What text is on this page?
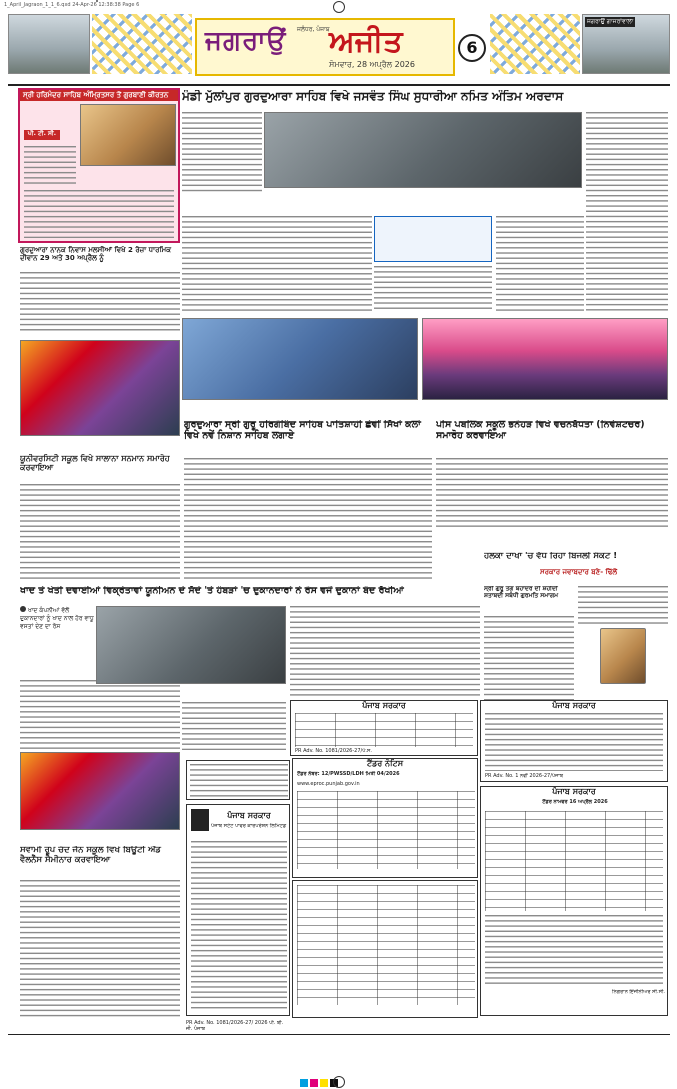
1_April_Jagraon_1_1_6.qxd 24-Apr-26 12:38:38 Page 6
ਜਗਰਾਉਂ ਜਲੰਧਰ, ਪੰਜਾਬ ਅਜੀਤ
ਸੋਮਵਾਰ, 28 ਅਪ੍ਰੈਲ 2026
6
ਜਗਰਾਉਂ ਗਾਜਰਾਂਵਾਲਾ
ਸ੍ਰੀ ਹਰਿਮੰਦਰ ਸਾਹਿਬ ਅੰਮ੍ਰਿਤਸਰ ਤੋਂ ਗੁਰਬਾਣੀ ਕੀਰਤਨ
ਪੀ. ਟੀ. ਸੀ.
ਗੁਰਦੁਆਰਾ ਨਾਨਕ ਨਿਵਾਸ ਮਲਸੀਆਂ ਵਿਖੇ 2 ਰੋਜ਼ਾ ਧਾਰਮਿਕ ਦੀਵਾਨ 29 ਅਤੇ 30 ਅਪ੍ਰੈਲ ਨੂੰ
ਮੰਡੀ ਮੁੱਲਾਂਪੁਰ ਗੁਰਦੁਆਰਾ ਸਾਹਿਬ ਵਿਖੇ ਜਸਵੰਤ ਸਿੰਘ ਸੁਧਾਰੀਆ ਨਮਿਤ ਅੰਤਿਮ ਅਰਦਾਸ
ਯੂਨੀਵਰਸਿਟੀ ਸਕੂਲ ਵਿਖੇ ਸਾਲਾਨਾ ਸਨਮਾਨ ਸਮਾਰੋਹ ਕਰਵਾਇਆ
ਗੁਰਦੁਆਰਾ ਸ੍ਰੀ ਗੁਰੂ ਹਰਿਗੋਬਿੰਦ ਸਾਹਿਬ ਪਾਤਿਸ਼ਾਹੀ ਛੇਵੀਂ ਸਿੱਖਾਂ ਕਲਾਂ ਵਿਖੇ ਨਵੇਂ ਨਿਸ਼ਾਨ ਸਾਹਿਬ ਲਗਾਏ
ਪੀਸ ਪਬਲਿਕ ਸਕੂਲ ਭਨੋਹੜ ਵਿਖੇ ਵਚਨਬੱਧਤਾ (ਨਿਵੇਸ਼ਟਚਰ) ਸਮਾਰੋਹ ਕਰਵਾਇਆ
ਹਲਕਾ ਦਾਖਾ 'ਚ ਵੱਧ ਰਿਹਾ ਬਿਜਲੀ ਸੰਕਟ !
ਸਰਕਾਰ ਜਵਾਬਦਾਰ ਬਣੇ- ਢਿੱਲੋਂ
ਖਾਦ ਤੇ ਖੇਤੀ ਦਵਾਈਆਂ ਵਿਕ੍ਰੇਤਾਵਾਂ ਯੂਨੀਅਨ ਦੇ ਸੱਦੇ 'ਤੇ ਹੰਬੜਾਂ 'ਚ ਦੁਕਾਨਦਾਰਾਂ ਨੇ ਰੋਸ ਵਜੋਂ ਦੁਕਾਨਾਂ ਬੰਦ ਰੱਖੀਆਂ
ਖਾਦ ਕੰਪਨੀਆਂ ਵੱਲੋਂ ਦੁਕਾਨਦਾਰਾਂ ਨੂੰ ਖਾਦ ਨਾਲ ਹੋਰ ਵਾਧੂ ਵਸਤਾਂ ਦੇਣ ਦਾ ਰੋਸ
ਸ੍ਰੀ ਗੁਰੂ ਤੇਗ ਬਹਾਦਰ ਦੀ ਸ਼ਹੀਦੀ ਸ਼ਤਾਬਦੀ ਸਬੰਧੀ ਗੁਰਮਤਿ ਸਮਾਗਮ
ਪੰਜਾਬ ਸਰਕਾਰ
PR Adv. No. 1081/2026-27/ਪੰ.ਸ.
ਪੰਜਾਬ ਸਰਕਾਰ
PR Adv. No. 1 ਨਵੀਂ 2026-27/ਪੰਜਾਬ
ਸਵਾਮੀ ਰੂਪ ਚੰਦ ਜੈਨ ਸਕੂਲ ਵਿਖੇ ਬਿਊਟੀ ਐਂਡ ਵੈਲਨੈੱਸ ਸੈਮੀਨਾਰ ਕਰਵਾਇਆ
ਟੈਂਡਰ ਨੋਟਿਸ
ਟੈਂਡਰ ਨੰਬਰ: 12/PWSSD/LDH ਮਿਤੀ 04/2026
www.eproc.punjab.gov.in
ਪੰਜਾਬ ਸਰਕਾਰ
ਪੰਜਾਬ ਸਟੇਟ ਪਾਵਰ ਕਾਰਪੋਰੇਸ਼ਨ ਲਿਮਿਟਡ
ਪੰਜਾਬ ਸਰਕਾਰ
ਟੈਂਡਰ ਨਾਮਵਰ 16 ਅਪ੍ਰੈਲ 2026
ਨਿਗਰਾਨ ਇੰਜੀਨੀਅਰ ਸੀ.ਸੀ.
PR Adv. No. 1081/2026-27/ 2026 ਪੀ. ਬੀ. ਜੀ. ਪੰਜਾਬ
